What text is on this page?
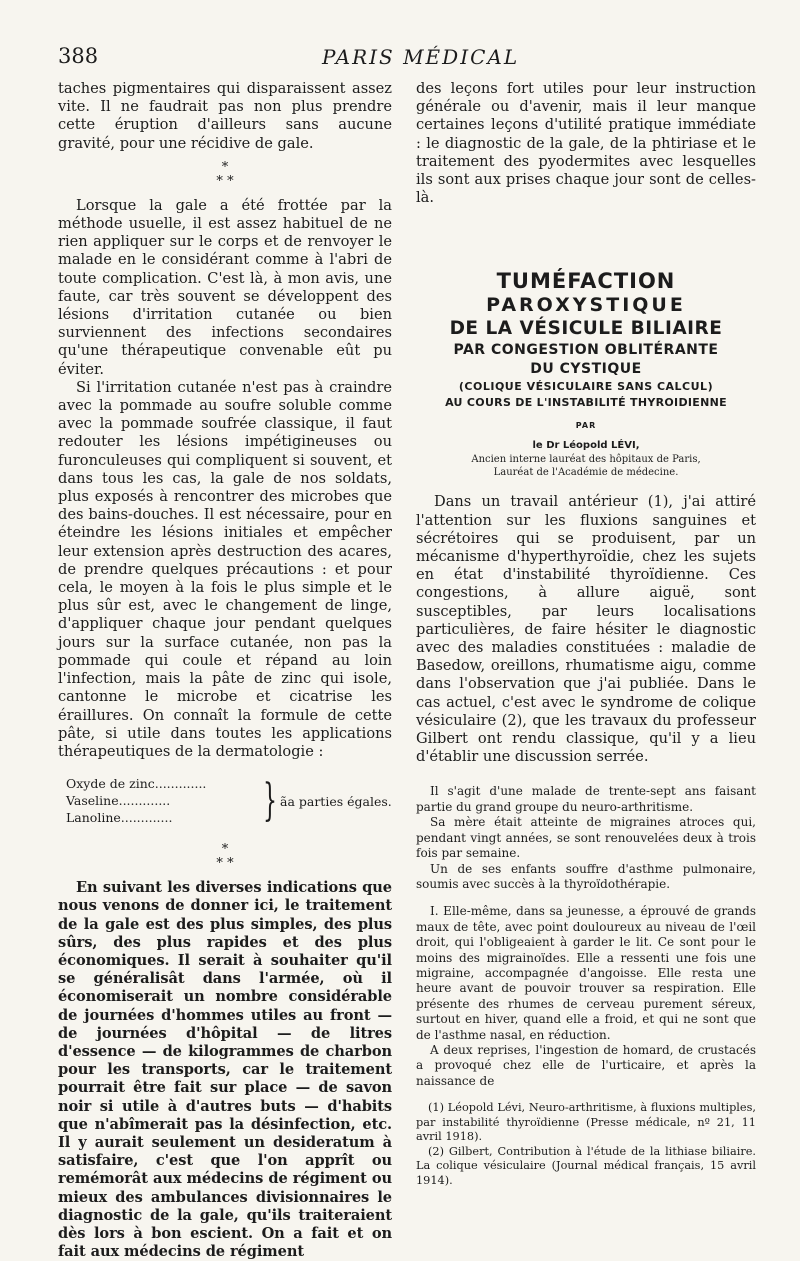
388	PARIS MÉDICAL

taches pigmentaires qui disparaissent assez vite. Il ne faudrait pas non plus prendre cette éruption d'ailleurs sans aucune gravité, pour une récidive de gale.

*
* *

Lorsque la gale a été frottée par la méthode usuelle, il est assez habituel de ne rien appliquer sur le corps et de renvoyer le malade en le considérant comme à l'abri de toute complication. C'est là, à mon avis, une faute, car très souvent se développent des lésions d'irritation cutanée ou bien surviennent des infections secondaires qu'une thérapeutique convenable eût pu éviter.

Si l'irritation cutanée n'est pas à craindre avec la pommade au soufre soluble comme avec la pommade soufrée classique, il faut redouter les lésions impétigineuses ou furonculeuses qui compliquent si souvent, et dans tous les cas, la gale de nos soldats, plus exposés à rencontrer des microbes que des bains-douches. Il est nécessaire, pour en éteindre les lésions initiales et empêcher leur extension après destruction des acares, de prendre quelques précautions : et pour cela, le moyen à la fois le plus simple et le plus sûr est, avec le changement de linge, d'appliquer chaque jour pendant quelques jours sur la surface cutanée, non pas la pommade qui coule et répand au loin l'infection, mais la pâte de zinc qui isole, cantonne le microbe et cicatrise les éraillures. On connaît la formule de cette pâte, si utile dans toutes les applications thérapeutiques de la dermatologie :

Oxyde de zinc.............
Vaseline.............
Lanoline.............	} ãa parties égales.
*
* *

En suivant les diverses indications que nous venons de donner ici, le traitement de la gale est des plus simples, des plus sûrs, des plus rapides et des plus économiques. Il serait à souhaiter qu'il se généralisât dans l'armée, où il économiserait un nombre considérable de journées d'hommes utiles au front — de journées d'hôpital — de litres d'essence — de kilogrammes de charbon pour les transports, car le traitement pourrait être fait sur place — de savon noir si utile à d'autres buts — d'habits que n'abîmerait pas la désinfection, etc. Il y aurait seulement un desideratum à satisfaire, c'est que l'on apprît ou remémorât aux médecins de régiment ou mieux des ambulances divisionnaires le diagnostic de la gale, qu'ils traiteraient dès lors à bon escient. On a fait et on fait aux médecins de régiment

des leçons fort utiles pour leur instruction générale ou d'avenir, mais il leur manque certaines leçons d'utilité pratique immédiate : le diagnostic de la gale, de la phtiriase et le traitement des pyodermites avec lesquelles ils sont aux prises chaque jour sont de celles-là.

TUMÉFACTION
PAROXYSTIQUE
DE LA VÉSICULE BILIAIRE
PAR CONGESTION OBLITÉRANTE
DU CYSTIQUE
(COLIQUE VÉSICULAIRE SANS CALCUL)
AU COURS DE L'INSTABILITÉ THYROIDIENNE
PAR
le Dr Léopold LÉVI,
Ancien interne lauréat des hôpitaux de Paris,
Lauréat de l'Académie de médecine.

Dans un travail antérieur (1), j'ai attiré l'attention sur les fluxions sanguines et sécrétoires qui se produisent, par un mécanisme d'hyperthyroïdie, chez les sujets en état d'instabilité thyroïdienne. Ces congestions, à allure aiguë, sont susceptibles, par leurs localisations particulières, de faire hésiter le diagnostic avec des maladies constituées : maladie de Basedow, oreillons, rhumatisme aigu, comme dans l'observation que j'ai publiée. Dans le cas actuel, c'est avec le syndrome de colique vésiculaire (2), que les travaux du professeur Gilbert ont rendu classique, qu'il y a lieu d'établir une discussion serrée.

Il s'agit d'une malade de trente-sept ans faisant partie du grand groupe du neuro-arthritisme.

Sa mère était atteinte de migraines atroces qui, pendant vingt années, se sont renouvelées deux à trois fois par semaine.

Un de ses enfants souffre d'asthme pulmonaire, soumis avec succès à la thyroïdothérapie.

I. Elle-même, dans sa jeunesse, a éprouvé de grands maux de tête, avec point douloureux au niveau de l'œil droit, qui l'obligeaient à garder le lit. Ce sont pour le moins des migrainoïdes. Elle a ressenti une fois une migraine, accompagnée d'angoisse. Elle resta une heure avant de pouvoir trouver sa respiration. Elle présente des rhumes de cerveau purement séreux, surtout en hiver, quand elle a froid, et qui ne sont que de l'asthme nasal, en réduction.

A deux reprises, l'ingestion de homard, de crustacés a provoqué chez elle de l'urticaire, et après la naissance de

(1) Léopold Lévi, Neuro-arthritisme, à fluxions multiples, par instabilité thyroïdienne (Presse médicale, nº 21, 11 avril 1918).

(2) Gilbert, Contribution à l'étude de la lithiase biliaire. La colique vésiculaire (Journal médical français, 15 avril 1914).
